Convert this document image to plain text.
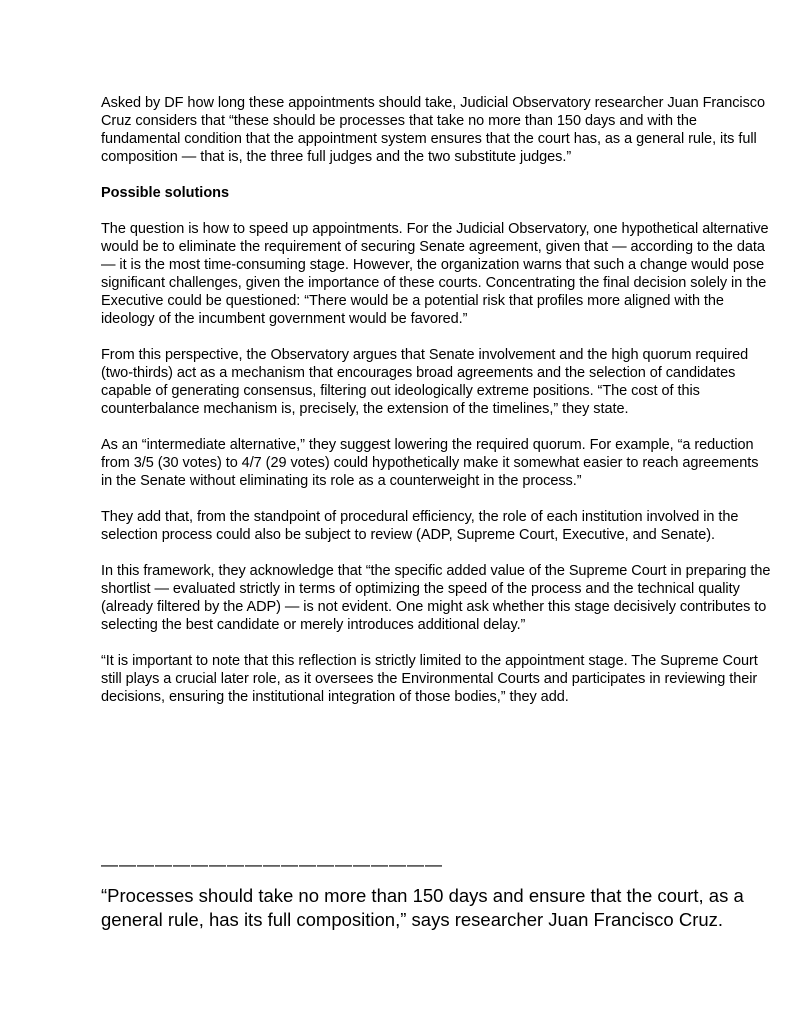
Asked by DF how long these appointments should take, Judicial Observatory researcher Juan Francisco Cruz considers that “these should be processes that take no more than 150 days and with the fundamental condition that the appointment system ensures that the court has, as a general rule, its full composition — that is, the three full judges and the two substitute judges.”

Possible solutions

The question is how to speed up appointments. For the Judicial Observatory, one hypothetical alternative would be to eliminate the requirement of securing Senate agreement, given that — according to the data — it is the most time-consuming stage. However, the organization warns that such a change would pose significant challenges, given the importance of these courts. Concentrating the final decision solely in the Executive could be questioned: “There would be a potential risk that profiles more aligned with the ideology of the incumbent government would be favored.”

From this perspective, the Observatory argues that Senate involvement and the high quorum required (two-thirds) act as a mechanism that encourages broad agreements and the selection of candidates capable of generating consensus, filtering out ideologically extreme positions. “The cost of this counterbalance mechanism is, precisely, the extension of the timelines,” they state.

As an “intermediate alternative,” they suggest lowering the required quorum. For example, “a reduction from 3/5 (30 votes) to 4/7 (29 votes) could hypothetically make it somewhat easier to reach agreements in the Senate without eliminating its role as a counterweight in the process.”

They add that, from the standpoint of procedural efficiency, the role of each institution involved in the selection process could also be subject to review (ADP, Supreme Court, Executive, and Senate).

In this framework, they acknowledge that “the specific added value of the Supreme Court in preparing the shortlist — evaluated strictly in terms of optimizing the speed of the process and the technical quality (already filtered by the ADP) — is not evident. One might ask whether this stage decisively contributes to selecting the best candidate or merely introduces additional delay.”

“It is important to note that this reflection is strictly limited to the appointment stage. The Supreme Court still plays a crucial later role, as it oversees the Environmental Courts and participates in reviewing their decisions, ensuring the institutional integration of those bodies,” they add.

———————————————————
“Processes should take no more than 150 days and ensure that the court, as a general rule, has its full composition,” says researcher Juan Francisco Cruz.
